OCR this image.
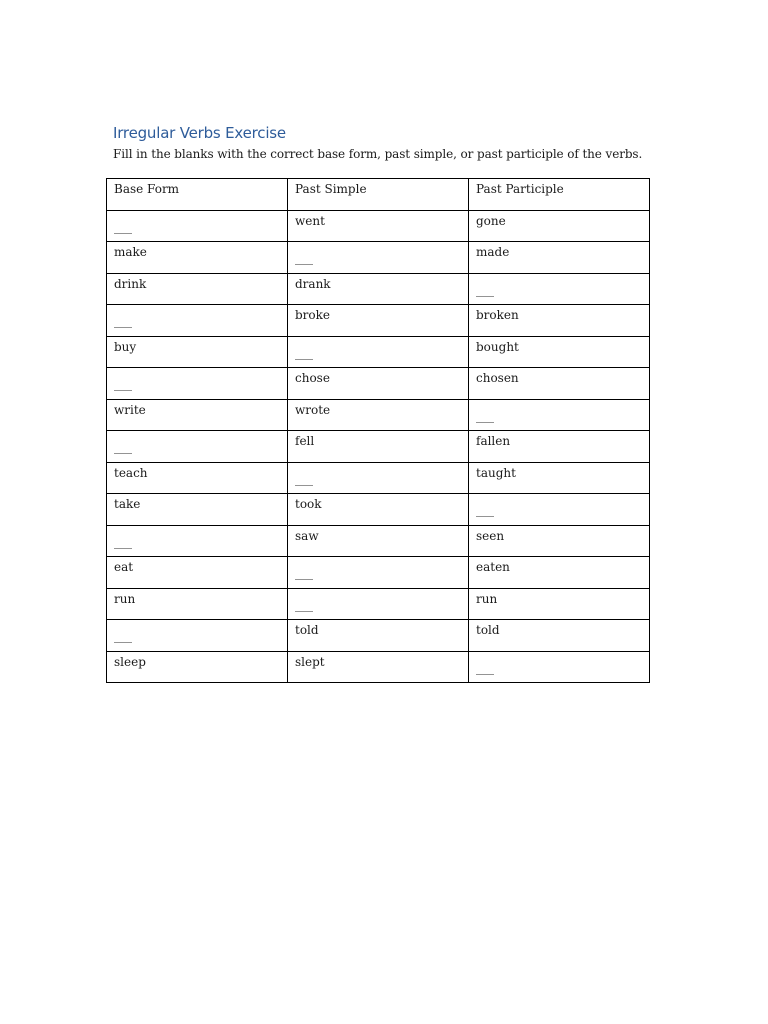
Irregular Verbs Exercise
Fill in the blanks with the correct base form, past simple, or past participle of the verbs.
Base Form	Past Simple	Past Participle
___	went	gone
make	___	made
drink	drank	___
___	broke	broken
buy	___	bought
___	chose	chosen
write	wrote	___
___	fell	fallen
teach	___	taught
take	took	___
___	saw	seen
eat	___	eaten
run	___	run
___	told	told
sleep	slept	___
